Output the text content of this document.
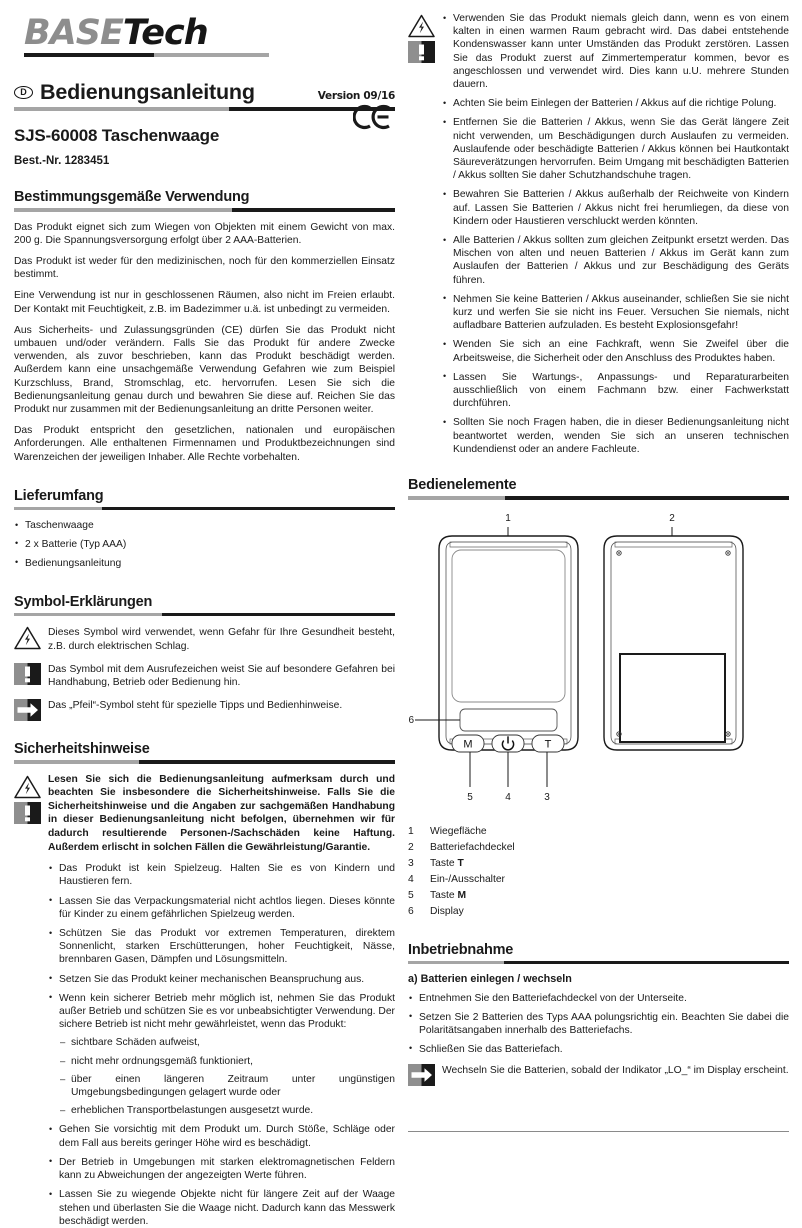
BASETech
D Bedienungsanleitung	Version 09/16
SJS-60008 Taschenwaage
Best.-Nr. 1283451
Bestimmungsgemäße Verwendung

Das Produkt eignet sich zum Wiegen von Objekten mit einem Gewicht von max. 200 g. Die Spannungsversorgung erfolgt über 2 AAA-Batterien.

Das Produkt ist weder für den medizinischen, noch für den kommerziellen Einsatz bestimmt.

Eine Verwendung ist nur in geschlossenen Räumen, also nicht im Freien erlaubt. Der Kontakt mit Feuchtigkeit, z.B. im Badezimmer u.ä. ist unbedingt zu vermeiden.

Aus Sicherheits- und Zulassungsgründen (CE) dürfen Sie das Produkt nicht umbauen und/oder verändern. Falls Sie das Produkt für andere Zwecke verwenden, als zuvor beschrieben, kann das Produkt beschädigt werden. Außerdem kann eine unsachgemäße Verwendung Gefahren wie zum Beispiel Kurzschluss, Brand, Stromschlag, etc. hervorrufen. Lesen Sie sich die Bedienungsanleitung genau durch und bewahren Sie diese auf. Reichen Sie das Produkt nur zusammen mit der Bedienungsanleitung an dritte Personen weiter.

Das Produkt entspricht den gesetzlichen, nationalen und europäischen Anforderungen. Alle enthaltenen Firmennamen und Produktbezeichnungen sind Warenzeichen der jeweiligen Inhaber. Alle Rechte vorbehalten.

Lieferumfang
• Taschenwaage
• 2 x Batterie (Typ AAA)
• Bedienungsanleitung
Symbol-Erklärungen
Dieses Symbol wird verwendet, wenn Gefahr für Ihre Gesundheit besteht, z.B. durch elektrischen Schlag.
Das Symbol mit dem Ausrufezeichen weist Sie auf besondere Gefahren bei Handhabung, Betrieb oder Bedienung hin.
Das „Pfeil“-Symbol steht für spezielle Tipps und Bedienhinweise.
Sicherheitshinweise

Lesen Sie sich die Bedienungsanleitung aufmerksam durch und beachten Sie insbesondere die Sicherheitshinweise. Falls Sie die Sicherheitshinweise und die Angaben zur sachgemäßen Handhabung in dieser Bedienungsanleitung nicht befolgen, übernehmen wir für dadurch resultierende Personen-/Sachschäden keine Haftung. Außerdem erlischt in solchen Fällen die Gewährleistung/Garantie.

• Das Produkt ist kein Spielzeug. Halten Sie es von Kindern und Haustieren fern.
• Lassen Sie das Verpackungsmaterial nicht achtlos liegen. Dieses könnte für Kinder zu einem gefährlichen Spielzeug werden.
• Schützen Sie das Produkt vor extremen Temperaturen, direktem Sonnenlicht, starken Erschütterungen, hoher Feuchtigkeit, Nässe, brennbaren Gasen, Dämpfen und Lösungsmitteln.
• Setzen Sie das Produkt keiner mechanischen Beanspruchung aus.
• Wenn kein sicherer Betrieb mehr möglich ist, nehmen Sie das Produkt außer Betrieb und schützen Sie es vor unbeabsichtigter Verwendung. Der sichere Betrieb ist nicht mehr gewährleistet, wenn das Produkt:
– sichtbare Schäden aufweist,
– nicht mehr ordnungsgemäß funktioniert,
– über einen längeren Zeitraum unter ungünstigen Umgebungsbedingungen gelagert wurde oder
– erheblichen Transportbelastungen ausgesetzt wurde.
• Gehen Sie vorsichtig mit dem Produkt um. Durch Stöße, Schläge oder dem Fall aus bereits geringer Höhe wird es beschädigt.
• Der Betrieb in Umgebungen mit starken elektromagnetischen Feldern kann zu Abweichungen der angezeigten Werte führen.
• Lassen Sie zu wiegende Objekte nicht für längere Zeit auf der Waage stehen und überlasten Sie die Waage nicht. Dadurch kann das Messwerk beschädigt werden.
• Verwenden Sie das Produkt niemals gleich dann, wenn es von einem kalten in einen warmen Raum gebracht wird. Das dabei entstehende Kondenswasser kann unter Umständen das Produkt zerstören. Lassen Sie das Produkt zuerst auf Zimmertemperatur kommen, bevor es angeschlossen und verwendet wird. Dies kann u.U. mehrere Stunden dauern.
• Achten Sie beim Einlegen der Batterien / Akkus auf die richtige Polung.
• Entfernen Sie die Batterien / Akkus, wenn Sie das Gerät längere Zeit nicht verwenden, um Beschädigungen durch Auslaufen zu vermeiden. Auslaufende oder beschädigte Batterien / Akkus können bei Hautkontakt Säureverätzungen hervorrufen. Beim Umgang mit beschädigten Batterien / Akkus sollten Sie daher Schutzhandschuhe tragen.
• Bewahren Sie Batterien / Akkus außerhalb der Reichweite von Kindern auf. Lassen Sie Batterien / Akkus nicht frei herumliegen, da diese von Kindern oder Haustieren verschluckt werden könnten.
• Alle Batterien / Akkus sollten zum gleichen Zeitpunkt ersetzt werden. Das Mischen von alten und neuen Batterien / Akkus im Gerät kann zum Auslaufen der Batterien / Akkus und zur Beschädigung des Geräts führen.
• Nehmen Sie keine Batterien / Akkus auseinander, schließen Sie sie nicht kurz und werfen Sie sie nicht ins Feuer. Versuchen Sie niemals, nicht aufladbare Batterien aufzuladen. Es besteht Explosionsgefahr!
• Wenden Sie sich an eine Fachkraft, wenn Sie Zweifel über die Arbeitsweise, die Sicherheit oder den Anschluss des Produktes haben.
• Lassen Sie Wartungs-, Anpassungs- und Reparaturarbeiten ausschließlich von einem Fachmann bzw. einer Fachwerkstatt durchführen.
• Sollten Sie noch Fragen haben, die in dieser Bedienungsanleitung nicht beantwortet werden, wenden Sie sich an unseren technischen Kundendienst oder an andere Fachleute.
Bedienelemente
1
6
M	T
5	4	3
2
1	Wiegefläche
2	Batteriefachdeckel
3	Taste T
4	Ein-/Ausschalter
5	Taste M
6	Display
Inbetriebnahme
a) Batterien einlegen / wechseln
• Entnehmen Sie den Batteriefachdeckel von der Unterseite.
• Setzen Sie 2 Batterien des Typs AAA polungsrichtig ein. Beachten Sie dabei die Polaritätsangaben innerhalb des Batteriefachs.
• Schließen Sie das Batteriefach.
Wechseln Sie die Batterien, sobald der Indikator „LO_“ im Display erscheint.
